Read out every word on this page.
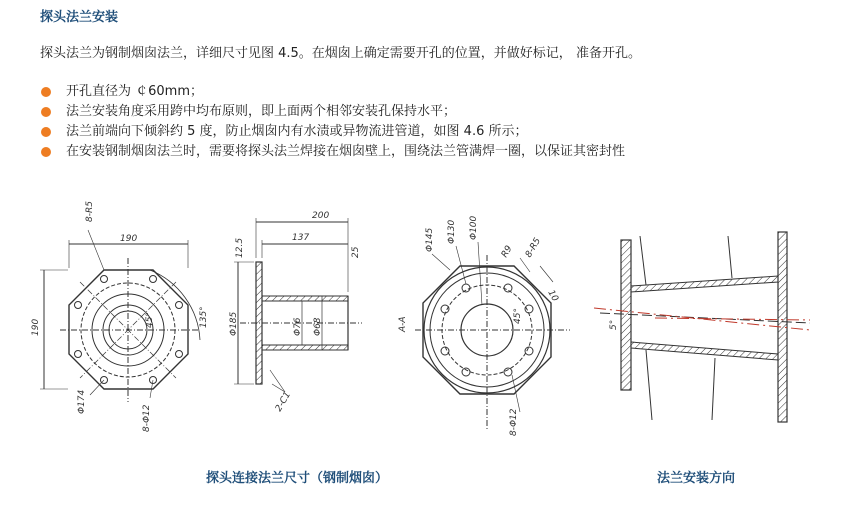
探头法兰安装
探头法兰为钢制烟囱法兰，详细尺寸见图 4.5。在烟囱上确定需要开孔的位置，并做好标记， 准备开孔。
开孔直径为 ￠60mm；
法兰安装角度采用跨中均布原则，即上面两个相邻安装孔保持水平；
法兰前端向下倾斜约 5 度，防止烟囱内有水渍或异物流进管道，如图 4.6 所示；
在安装钢制烟囱法兰时，需要将探头法兰焊接在烟囱壁上，围绕法兰管满焊一圈，以保证其密封性
8-R5
190
190	45°	135°
Φ174
8-Φ12
200
137
12.5	25
Φ185	Φ76 Φ68
2-C1
A-A
Φ145 Φ130 Φ100
R9 8-R5
10
45°
8-Φ12
5°
探头连接法兰尺寸（钢制烟囱）	法兰安装方向
